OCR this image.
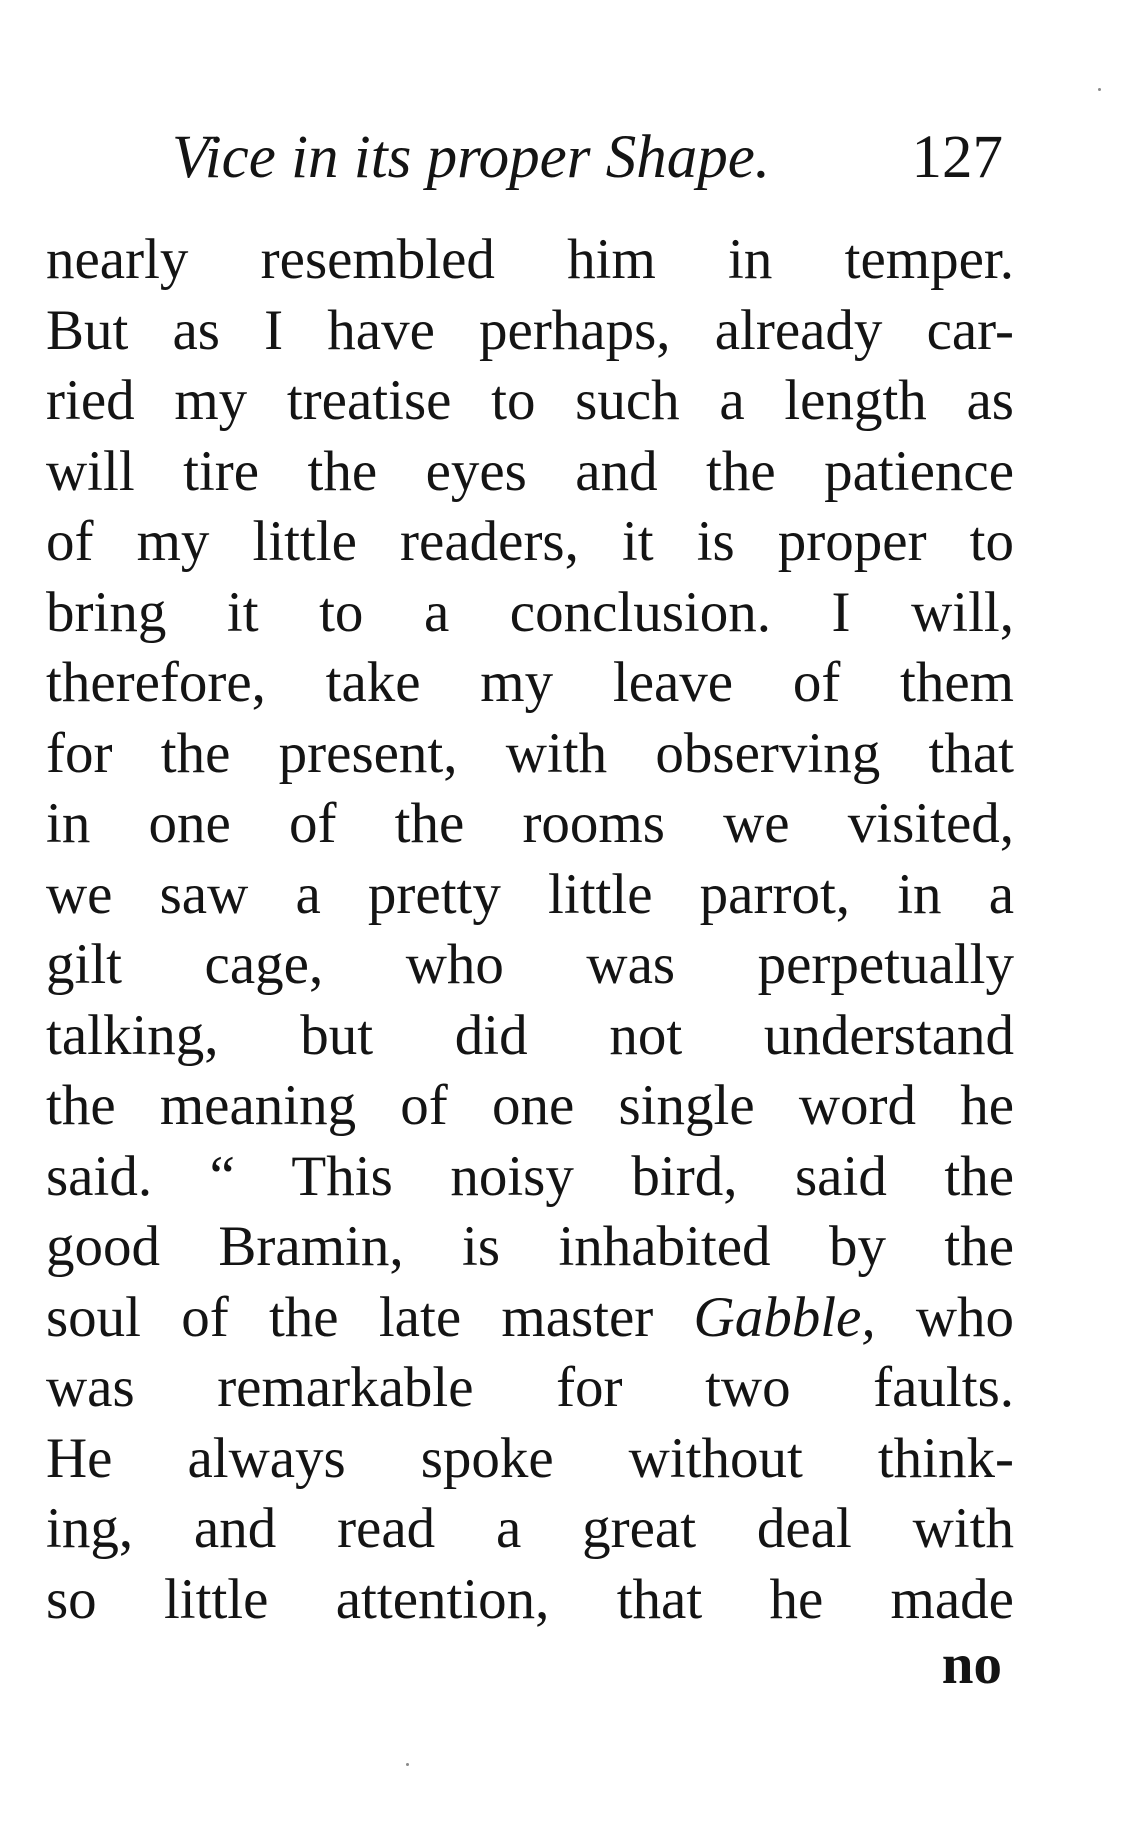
Vice in its proper Shape. 127
nearly resembled him in temper.
But as I have perhaps, already car-
ried my treatise to such a length as
will tire the eyes and the patience
of my little readers, it is proper to
bring it to a conclusion. I will,
therefore, take my leave of them
for the present, with observing that
in one of the rooms we visited,
we saw a pretty little parrot, in a
gilt cage, who was perpetually
talking, but did not understand
the meaning of one single word he
said. “ This noisy bird, said the
good Bramin, is inhabited by the
soul of the late master Gabble, who
was remarkable for two faults.
He always spoke without think-
ing, and read a great deal with
so little attention, that he made
no
